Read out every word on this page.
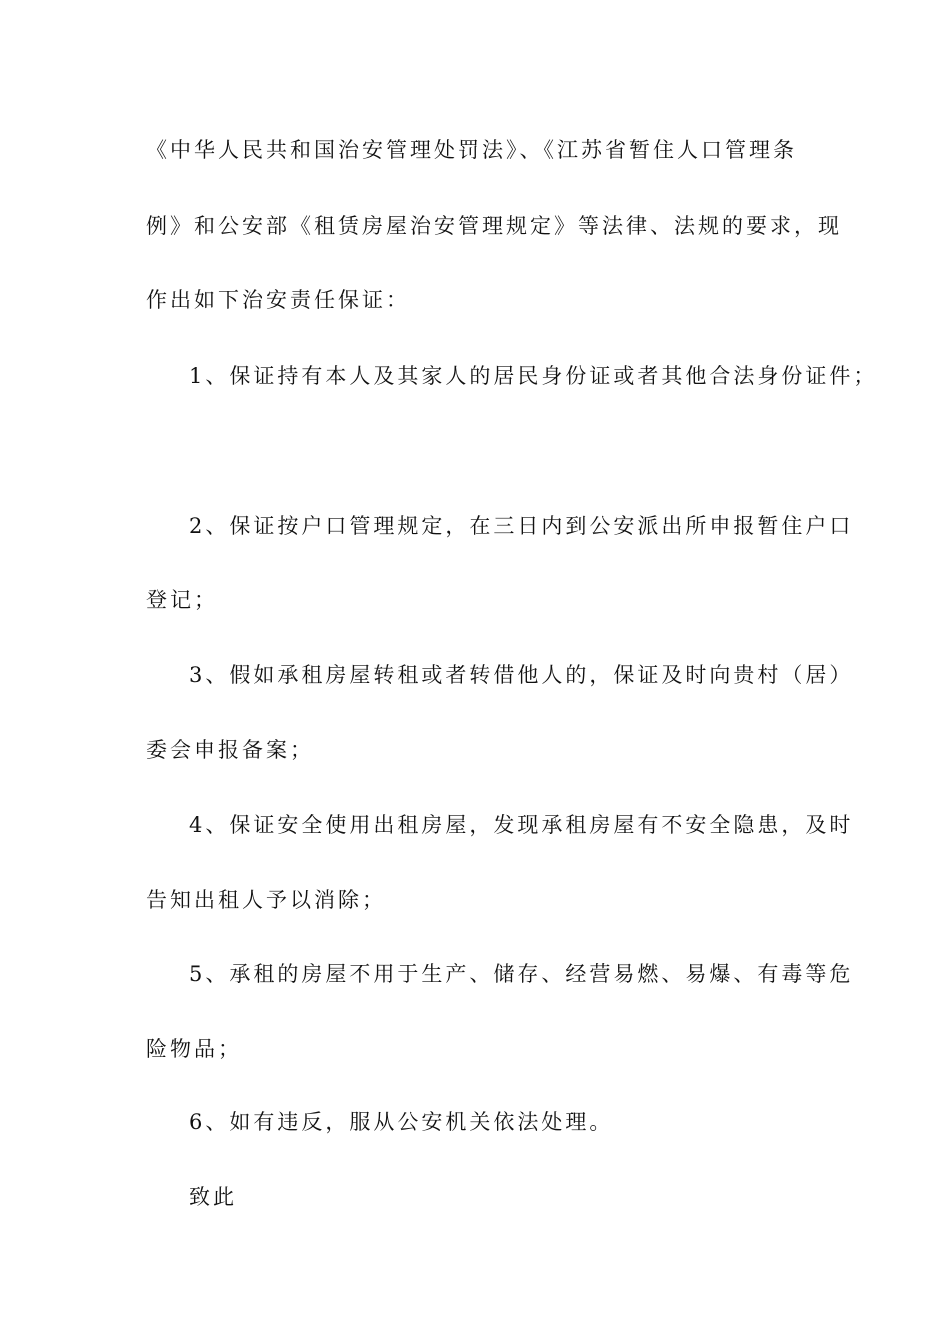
《中华人民共和国治安管理处罚法》、《江苏省暂住人口管理条

例》和公安部《租赁房屋治安管理规定》等法律、法规的要求，现

作出如下治安责任保证：

1、保证持有本人及其家人的居民身份证或者其他合法身份证件；

2、保证按户口管理规定，在三日内到公安派出所申报暂住户口

登记；

3、假如承租房屋转租或者转借他人的，保证及时向贵村（居）

委会申报备案；

4、保证安全使用出租房屋，发现承租房屋有不安全隐患，及时

告知出租人予以消除；

5、承租的房屋不用于生产、储存、经营易燃、易爆、有毒等危

险物品；

6、如有违反，服从公安机关依法处理。

致此
